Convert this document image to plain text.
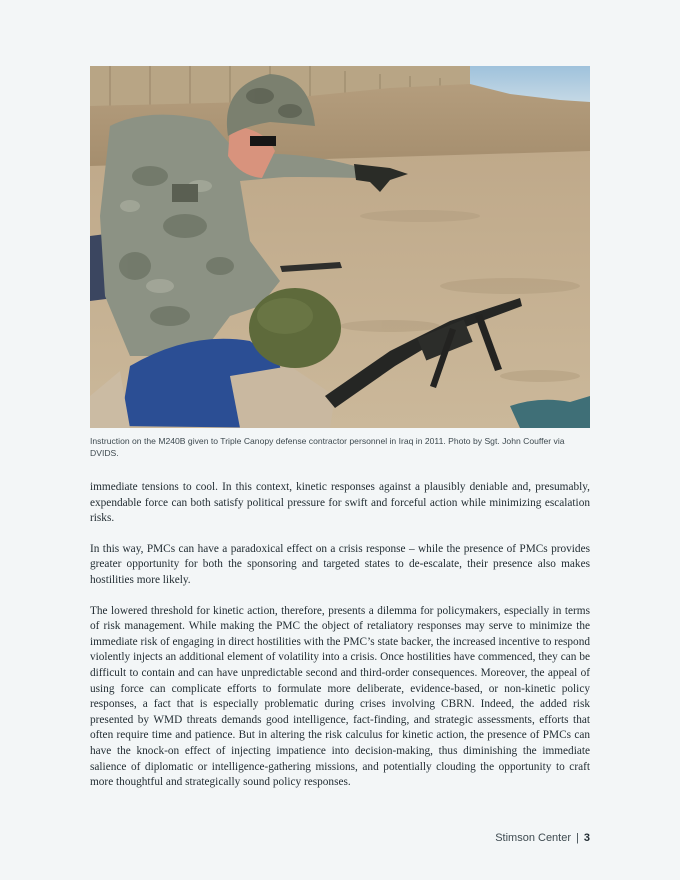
Instruction on the M240B given to Triple Canopy defense contractor personnel in Iraq in 2011. Photo by Sgt. John Couffer via DVIDS.

immediate tensions to cool. In this context, kinetic responses against a plausibly deniable and, presumably, expendable force can both satisfy political pressure for swift and forceful action while minimizing escalation risks.

In this way, PMCs can have a paradoxical effect on a crisis response – while the presence of PMCs provides greater opportunity for both the sponsoring and targeted states to de-escalate, their presence also makes hostilities more likely.

The lowered threshold for kinetic action, therefore, presents a dilemma for policymakers, especially in terms of risk management. While making the PMC the object of retaliatory responses may serve to minimize the immediate risk of engaging in direct hostilities with the PMC’s state backer, the increased incentive to respond violently injects an additional element of volatility into a crisis. Once hostilities have commenced, they can be difficult to contain and can have unpredictable second and third-order consequences. Moreover, the appeal of using force can complicate efforts to formulate more deliberate, evidence-based, or non-kinetic policy responses, a fact that is especially problematic during crises involving CBRN. Indeed, the added risk presented by WMD threats demands good intelligence, fact-finding, and strategic assessments, efforts that often require time and patience. But in altering the risk calculus for kinetic action, the presence of PMCs can have the knock-on effect of injecting impatience into decision-making, thus diminishing the immediate salience of diplomatic or intelligence-gathering missions, and potentially clouding the opportunity to craft more thoughtful and strategically sound policy responses.

Stimson Center | 3
